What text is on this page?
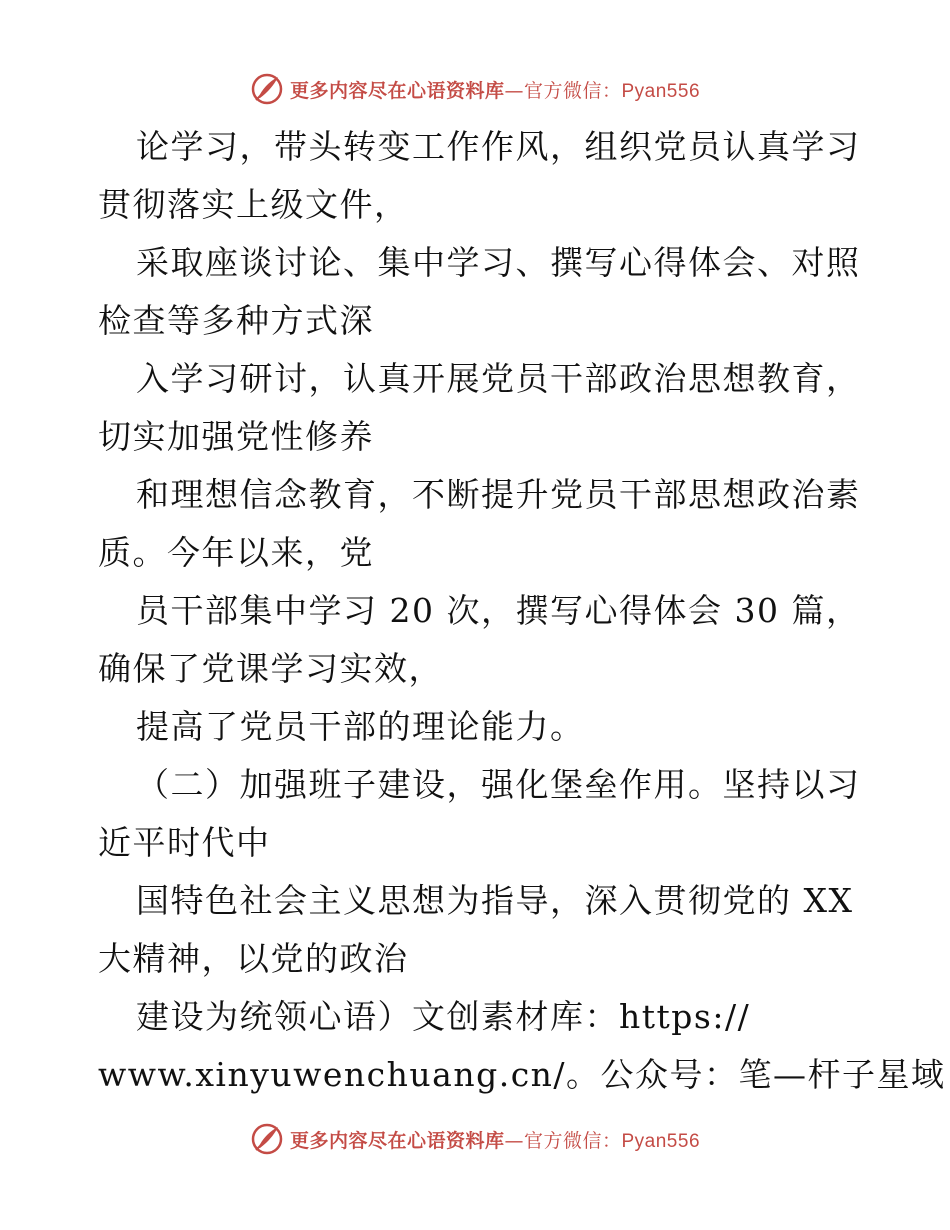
更多内容尽在心语资料库—官方微信：Pyan556
论学习，带头转变工作作风，组织党员认真学习
贯彻落实上级文件，
采取座谈讨论、集中学习、撰写心得体会、对照
检查等多种方式深
入学习研讨，认真开展党员干部政治思想教育，
切实加强党性修养
和理想信念教育，不断提升党员干部思想政治素
质。今年以来，党
员干部集中学习 20 次，撰写心得体会 30 篇，
确保了党课学习实效，
提高了党员干部的理论能力。
（二）加强班子建设，强化堡垒作用。坚持以习
近平时代中
国特色社会主义思想为指导，深入贯彻党的 XX
大精神，以党的政治
建设为统领心语）文创素材库：https://
www.xinyuwenchuang.cn/。公众号：笔—杆子星域
更多内容尽在心语资料库—官方微信：Pyan556
